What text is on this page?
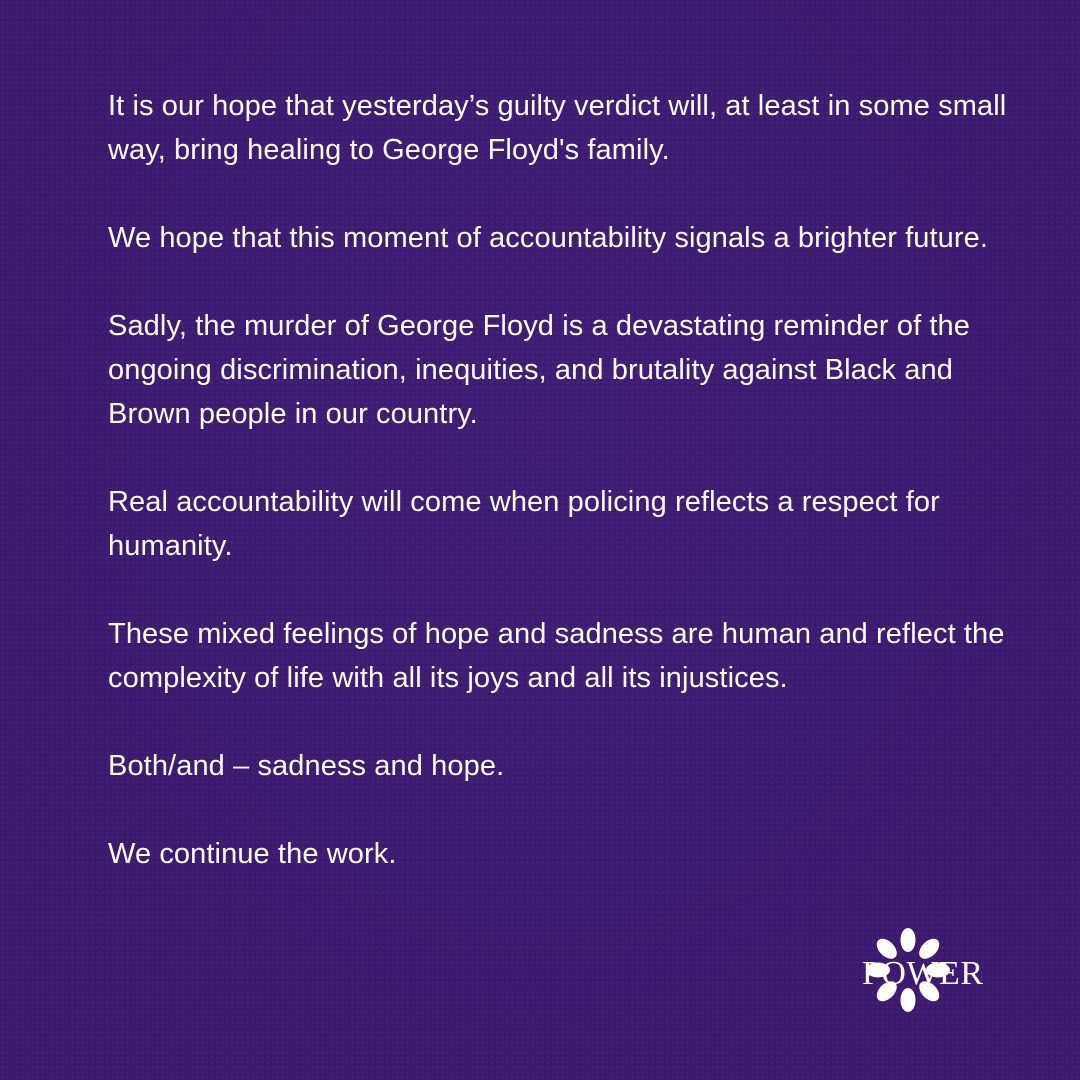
It is our hope that yesterday’s guilty verdict will, at least in some small way, bring healing to George Floyd's family.

We hope that this moment of accountability signals a brighter future.

Sadly, the murder of George Floyd is a devastating reminder of the ongoing discrimination, inequities, and brutality against Black and Brown people in our country.

Real accountability will come when policing reflects a respect for humanity.

These mixed feelings of hope and sadness are human and reflect the complexity of life with all its joys and all its injustices.

Both/and – sadness and hope.

We continue the work.

POWER
